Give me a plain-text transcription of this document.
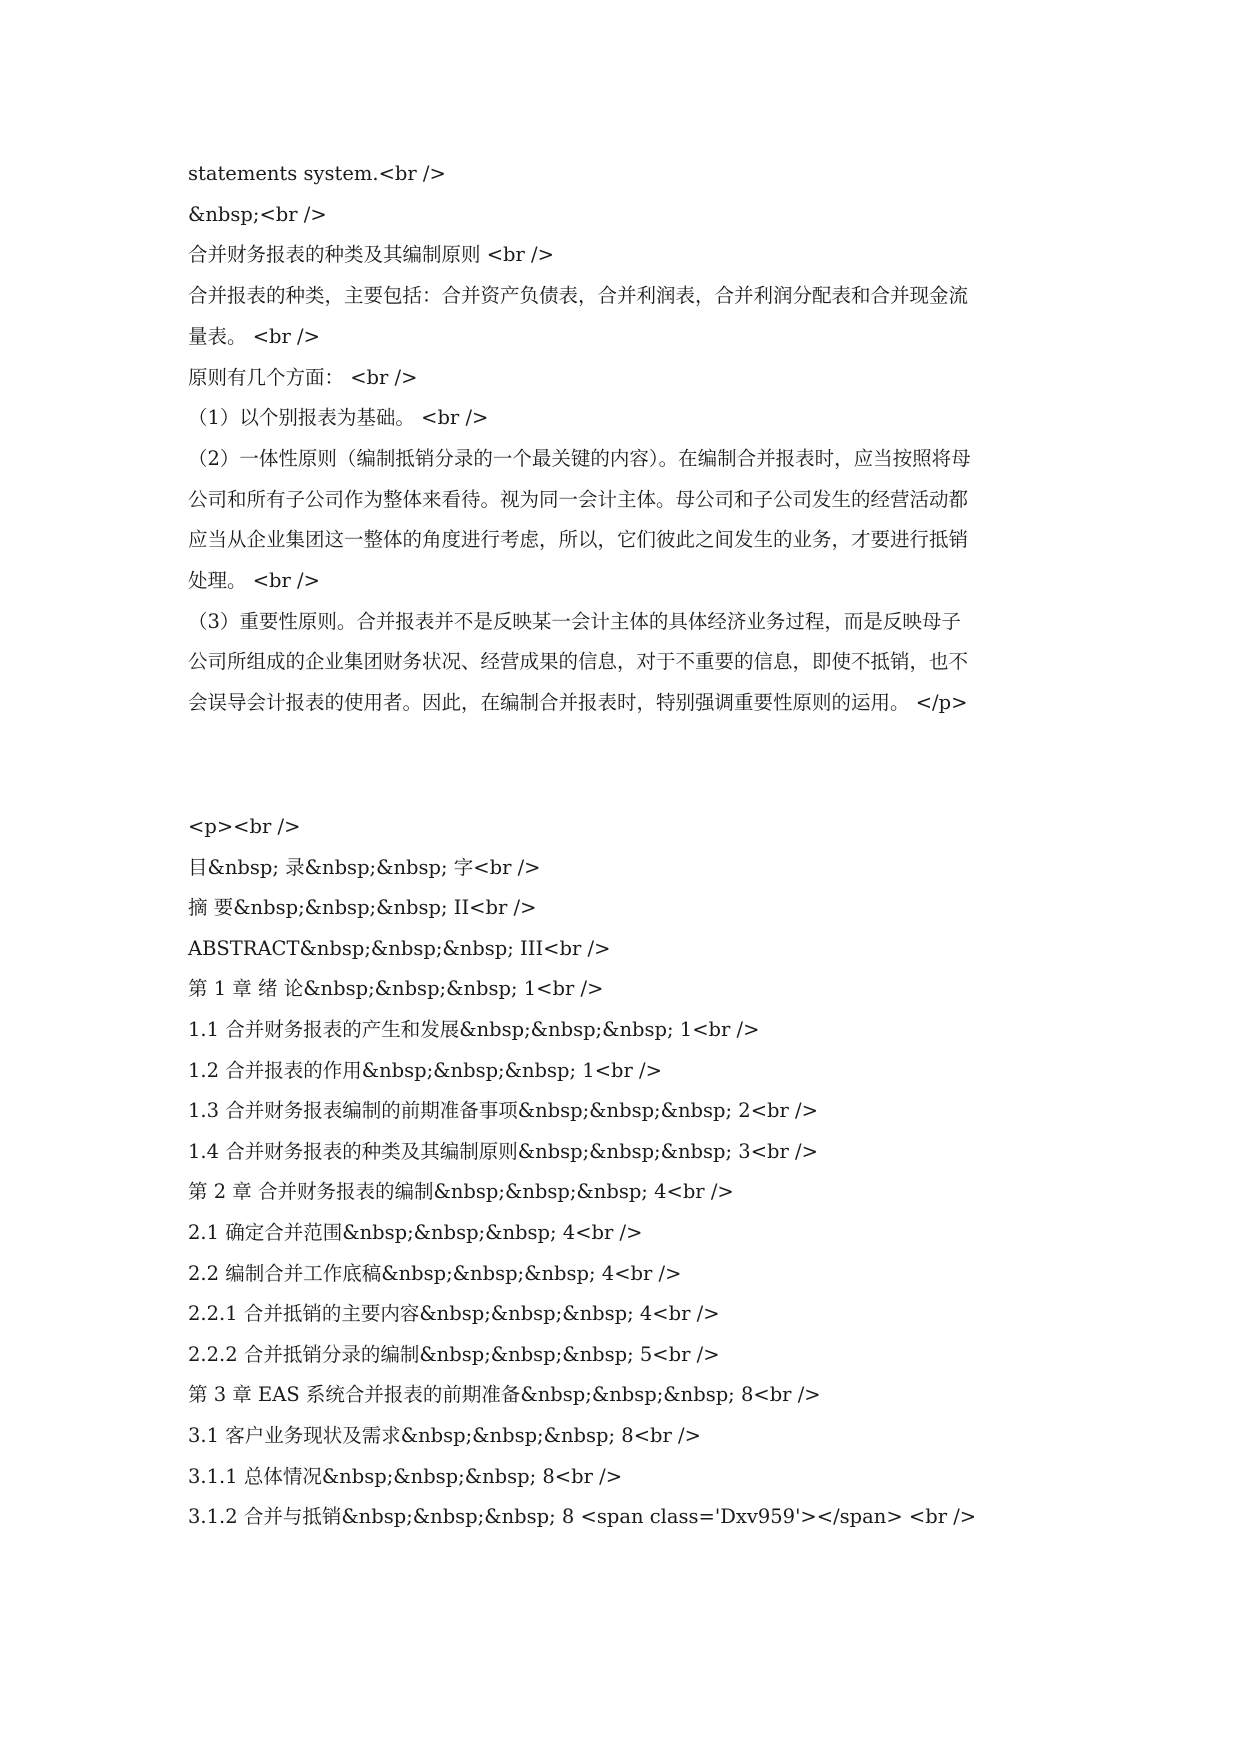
statements system.<br />

&nbsp;<br />

合并财务报表的种类及其编制原则 <br />

合并报表的种类，主要包括：合并资产负债表，合并利润表，合并利润分配表和合并现金流

量表。 <br />

原则有几个方面： <br />

（1）以个别报表为基础。 <br />

（2）一体性原则（编制抵销分录的一个最关键的内容）。在编制合并报表时，应当按照将母

公司和所有子公司作为整体来看待。视为同一会计主体。母公司和子公司发生的经营活动都

应当从企业集团这一整体的角度进行考虑，所以，它们彼此之间发生的业务，才要进行抵销

处理。 <br />

（3）重要性原则。合并报表并不是反映某一会计主体的具体经济业务过程，而是反映母子

公司所组成的企业集团财务状况、经营成果的信息，对于不重要的信息，即使不抵销，也不

会误导会计报表的使用者。因此，在编制合并报表时，特别强调重要性原则的运用。 </p>

<p><br />

目&nbsp; 录&nbsp;&nbsp; 字<br />

摘 要&nbsp;&nbsp;&nbsp; II<br />

ABSTRACT&nbsp;&nbsp;&nbsp; III<br />

第 1 章 绪 论&nbsp;&nbsp;&nbsp; 1<br />

1.1 合并财务报表的产生和发展&nbsp;&nbsp;&nbsp; 1<br />

1.2 合并报表的作用&nbsp;&nbsp;&nbsp; 1<br />

1.3 合并财务报表编制的前期准备事项&nbsp;&nbsp;&nbsp; 2<br />

1.4 合并财务报表的种类及其编制原则&nbsp;&nbsp;&nbsp; 3<br />

第 2 章 合并财务报表的编制&nbsp;&nbsp;&nbsp; 4<br />

2.1 确定合并范围&nbsp;&nbsp;&nbsp; 4<br />

2.2 编制合并工作底稿&nbsp;&nbsp;&nbsp; 4<br />

2.2.1 合并抵销的主要内容&nbsp;&nbsp;&nbsp; 4<br />

2.2.2 合并抵销分录的编制&nbsp;&nbsp;&nbsp; 5<br />

第 3 章 EAS 系统合并报表的前期准备&nbsp;&nbsp;&nbsp; 8<br />

3.1 客户业务现状及需求&nbsp;&nbsp;&nbsp; 8<br />

3.1.1 总体情况&nbsp;&nbsp;&nbsp; 8<br />

3.1.2 合并与抵销&nbsp;&nbsp;&nbsp; 8 <span class='Dxv959'></span> <br />
